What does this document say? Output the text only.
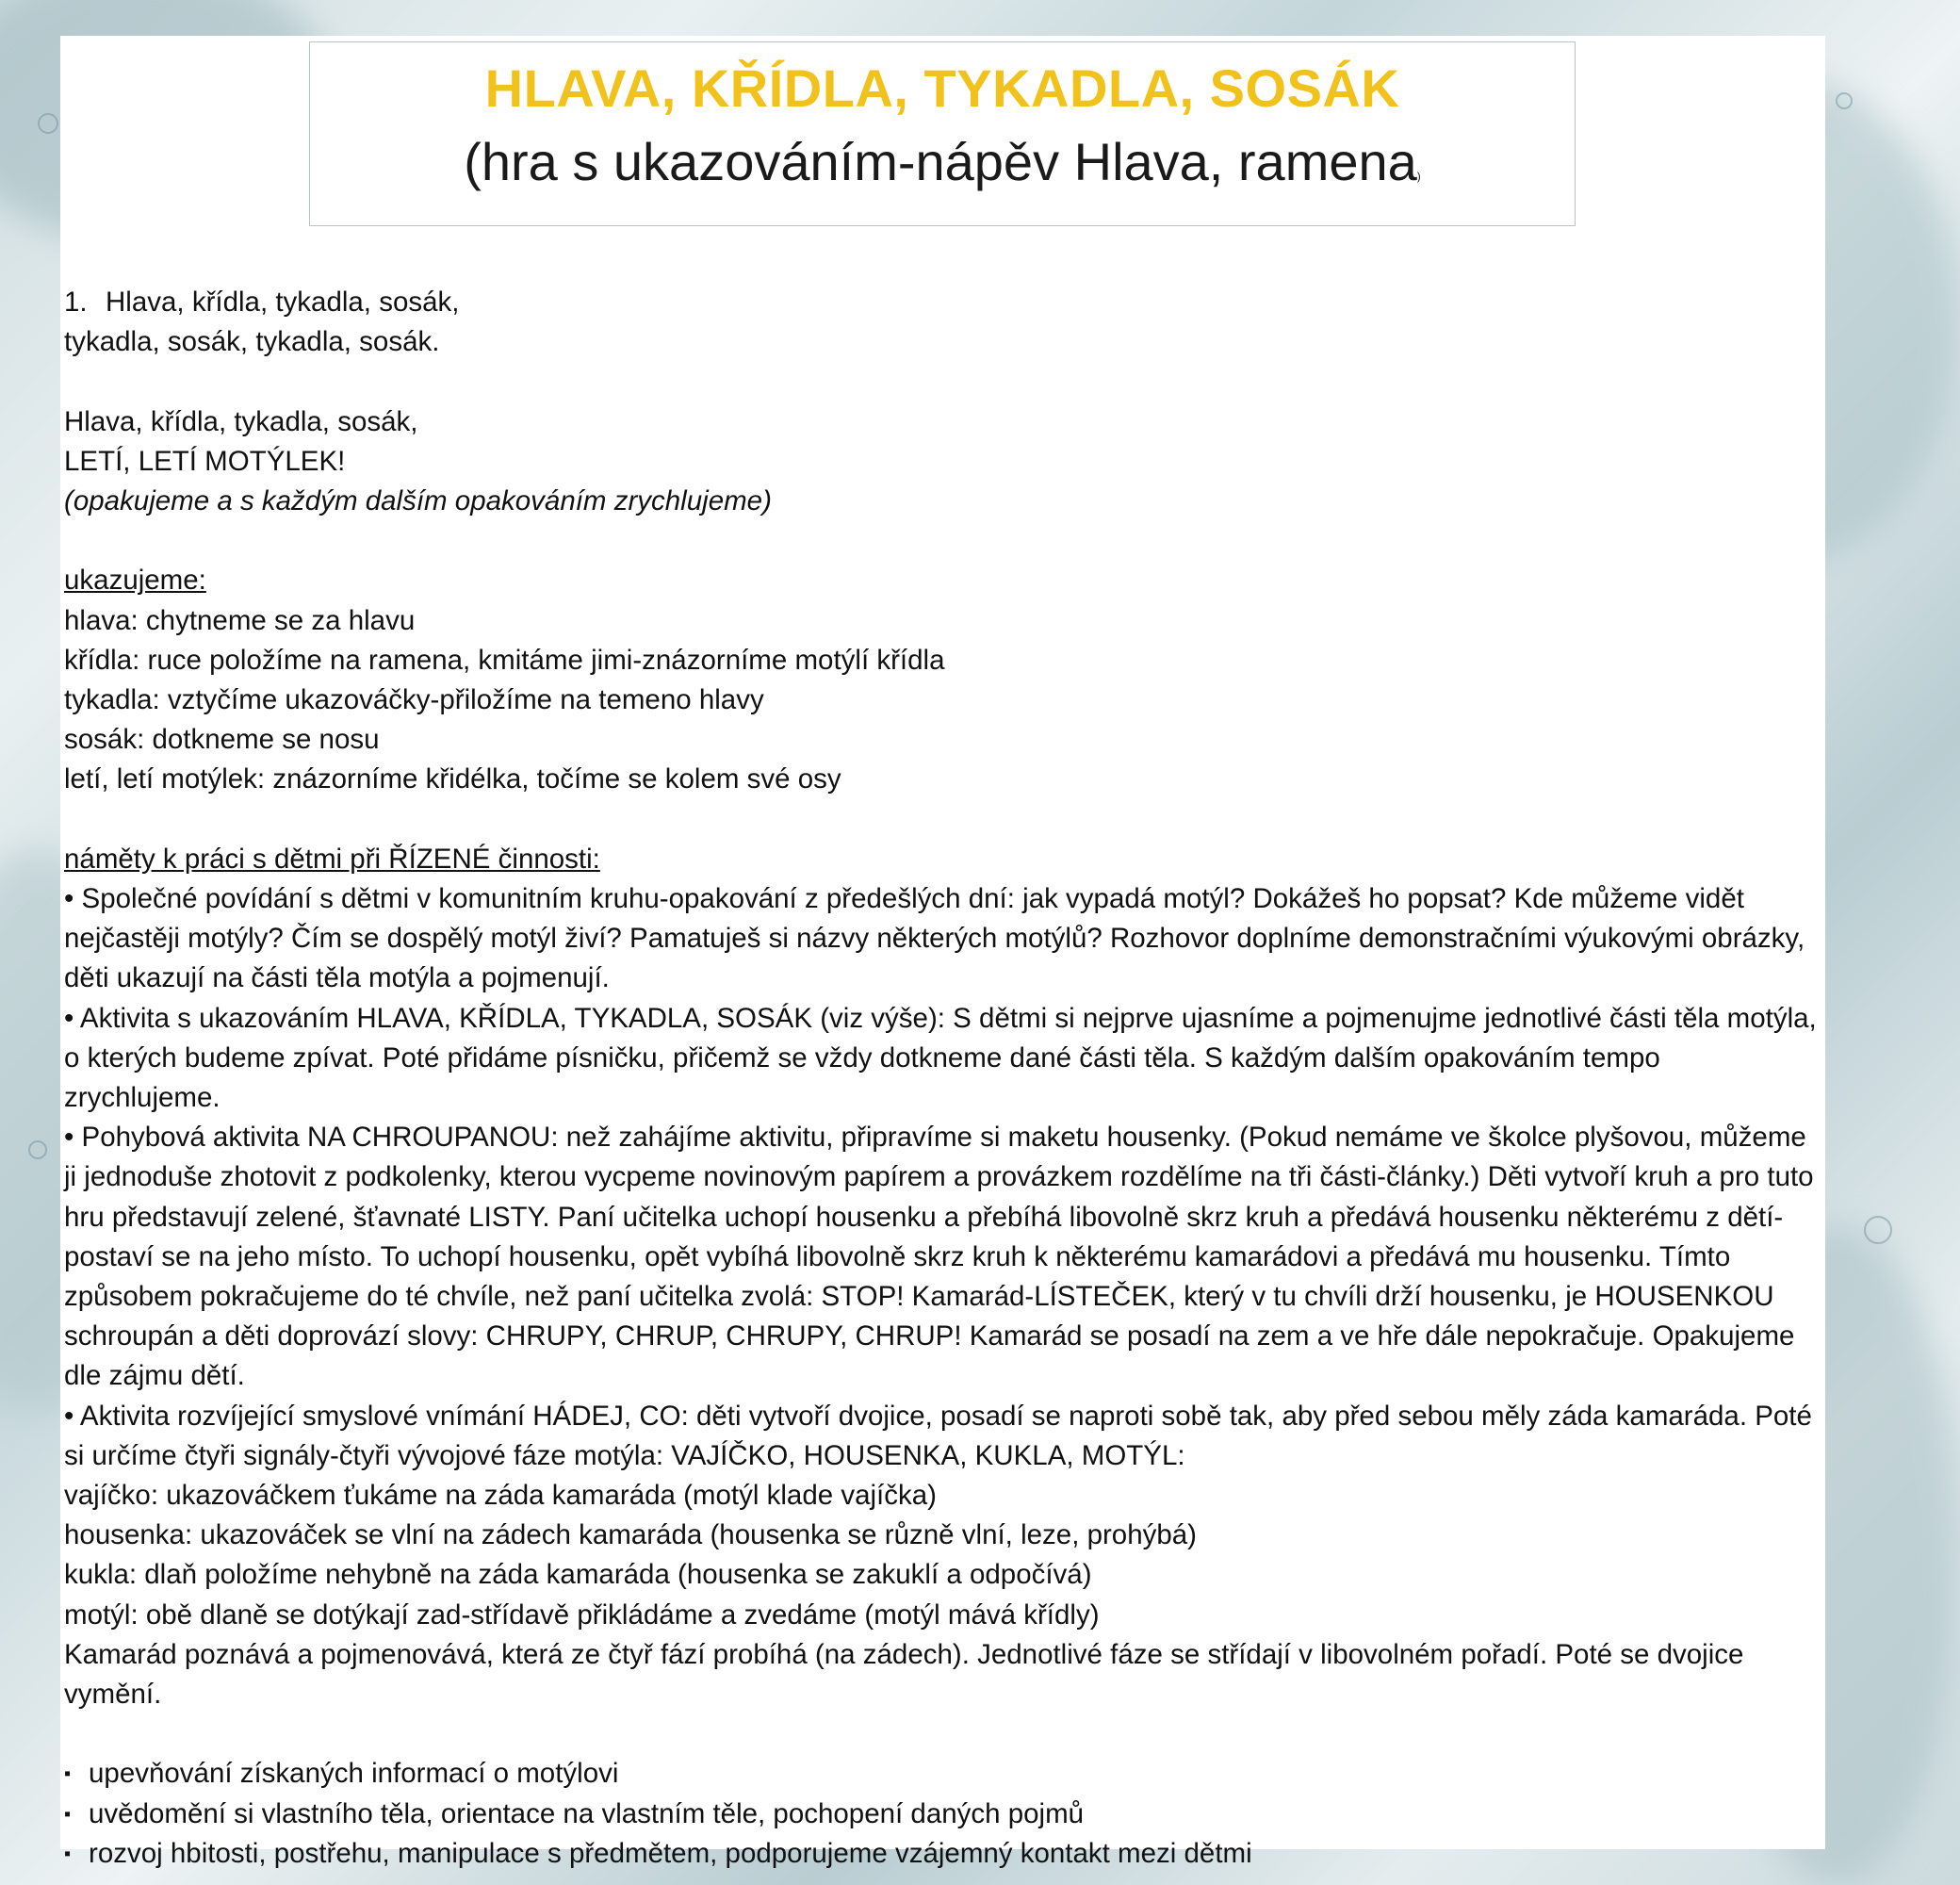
HLAVA, KŘÍDLA, TYKADLA, SOSÁK
(hra s ukazováním-nápěv Hlava, ramena)

1. Hlava, křídla, tykadla, sosák,

tykadla, sosák, tykadla, sosák.

Hlava, křídla, tykadla, sosák,

LETÍ, LETÍ MOTÝLEK!

(opakujeme a s každým dalším opakováním zrychlujeme)

ukazujeme:

hlava: chytneme se za hlavu

křídla: ruce položíme na ramena, kmitáme jimi-znázorníme motýlí křídla

tykadla: vztyčíme ukazováčky-přiložíme na temeno hlavy

sosák: dotkneme se nosu

letí, letí motýlek: znázorníme křidélka, točíme se kolem své osy

náměty k práci s dětmi při ŘÍZENÉ činnosti:

• Společné povídání s dětmi v komunitním kruhu-opakování z předešlých dní: jak vypadá motýl? Dokážeš ho popsat? Kde můžeme vidět nejčastěji motýly? Čím se dospělý motýl živí? Pamatuješ si názvy některých motýlů? Rozhovor doplníme demonstračními výukovými obrázky, děti ukazují na části těla motýla a pojmenují.

• Aktivita s ukazováním HLAVA, KŘÍDLA, TYKADLA, SOSÁK (viz výše): S dětmi si nejprve ujasníme a pojmenujme jednotlivé části těla motýla, o kterých budeme zpívat. Poté přidáme písničku, přičemž se vždy dotkneme dané části těla. S každým dalším opakováním tempo zrychlujeme.

• Pohybová aktivita NA CHROUPANOU: než zahájíme aktivitu, připravíme si maketu housenky. (Pokud nemáme ve školce plyšovou, můžeme ji jednoduše zhotovit z podkolenky, kterou vycpeme novinovým papírem a provázkem rozdělíme na tři části-články.) Děti vytvoří kruh a pro tuto hru představují zelené, šťavnaté LISTY. Paní učitelka uchopí housenku a přebíhá libovolně skrz kruh a předává housenku některému z dětí-postaví se na jeho místo. To uchopí housenku, opět vybíhá libovolně skrz kruh k některému kamarádovi a předává mu housenku. Tímto způsobem pokračujeme do té chvíle, než paní učitelka zvolá: STOP! Kamarád-LÍSTEČEK, který v tu chvíli drží housenku, je HOUSENKOU schroupán a děti doprovází slovy: CHRUPY, CHRUP, CHRUPY, CHRUP! Kamarád se posadí na zem a ve hře dále nepokračuje. Opakujeme dle zájmu dětí.

• Aktivita rozvíjející smyslové vnímání HÁDEJ, CO: děti vytvoří dvojice, posadí se naproti sobě tak, aby před sebou měly záda kamaráda. Poté si určíme čtyři signály-čtyři vývojové fáze motýla: VAJÍČKO, HOUSENKA, KUKLA, MOTÝL:

vajíčko: ukazováčkem ťukáme na záda kamaráda (motýl klade vajíčka)

housenka: ukazováček se vlní na zádech kamaráda (housenka se různě vlní, leze, prohýbá)

kukla: dlaň položíme nehybně na záda kamaráda (housenka se zakuklí a odpočívá)

motýl: obě dlaně se dotýkají zad-střídavě přikládáme a zvedáme (motýl mává křídly)

Kamarád poznává a pojmenovává, která ze čtyř fází probíhá (na zádech). Jednotlivé fáze se střídají v libovolném pořadí. Poté se dvojice vymění.

▪ upevňování získaných informací o motýlovi

▪ uvědomění si vlastního těla, orientace na vlastním těle, pochopení daných pojmů

▪ rozvoj hbitosti, postřehu, manipulace s předmětem, podporujeme vzájemný kontakt mezi dětmi
